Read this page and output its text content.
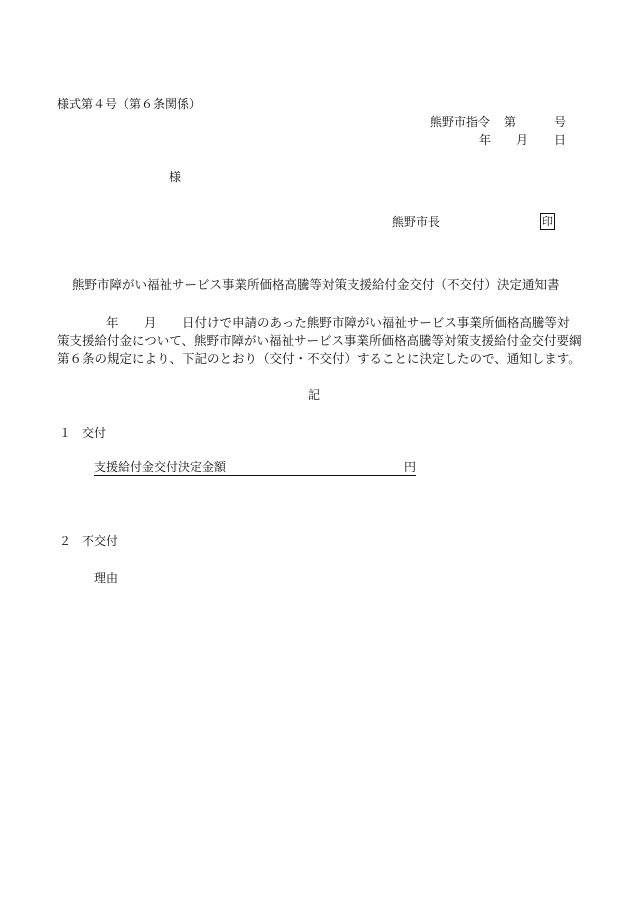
様式第４号（第６条関係）
熊野市指令 第	号
年 月 日
様
熊野市長	印
熊野市障がい福祉サービス事業所価格高騰等対策支援給付金交付（不交付）決定通知書
年 月 日付けで申請のあった熊野市障がい福祉サービス事業所価格高騰等対
策支援給付金について、熊野市障がい福祉サービス事業所価格高騰等対策支援給付金交付要綱
第６条の規定により、下記のとおり（交付・不交付）することに決定したので、通知します。
記
１ 交付
支援給付金交付決定金額	円
２ 不交付
理由
